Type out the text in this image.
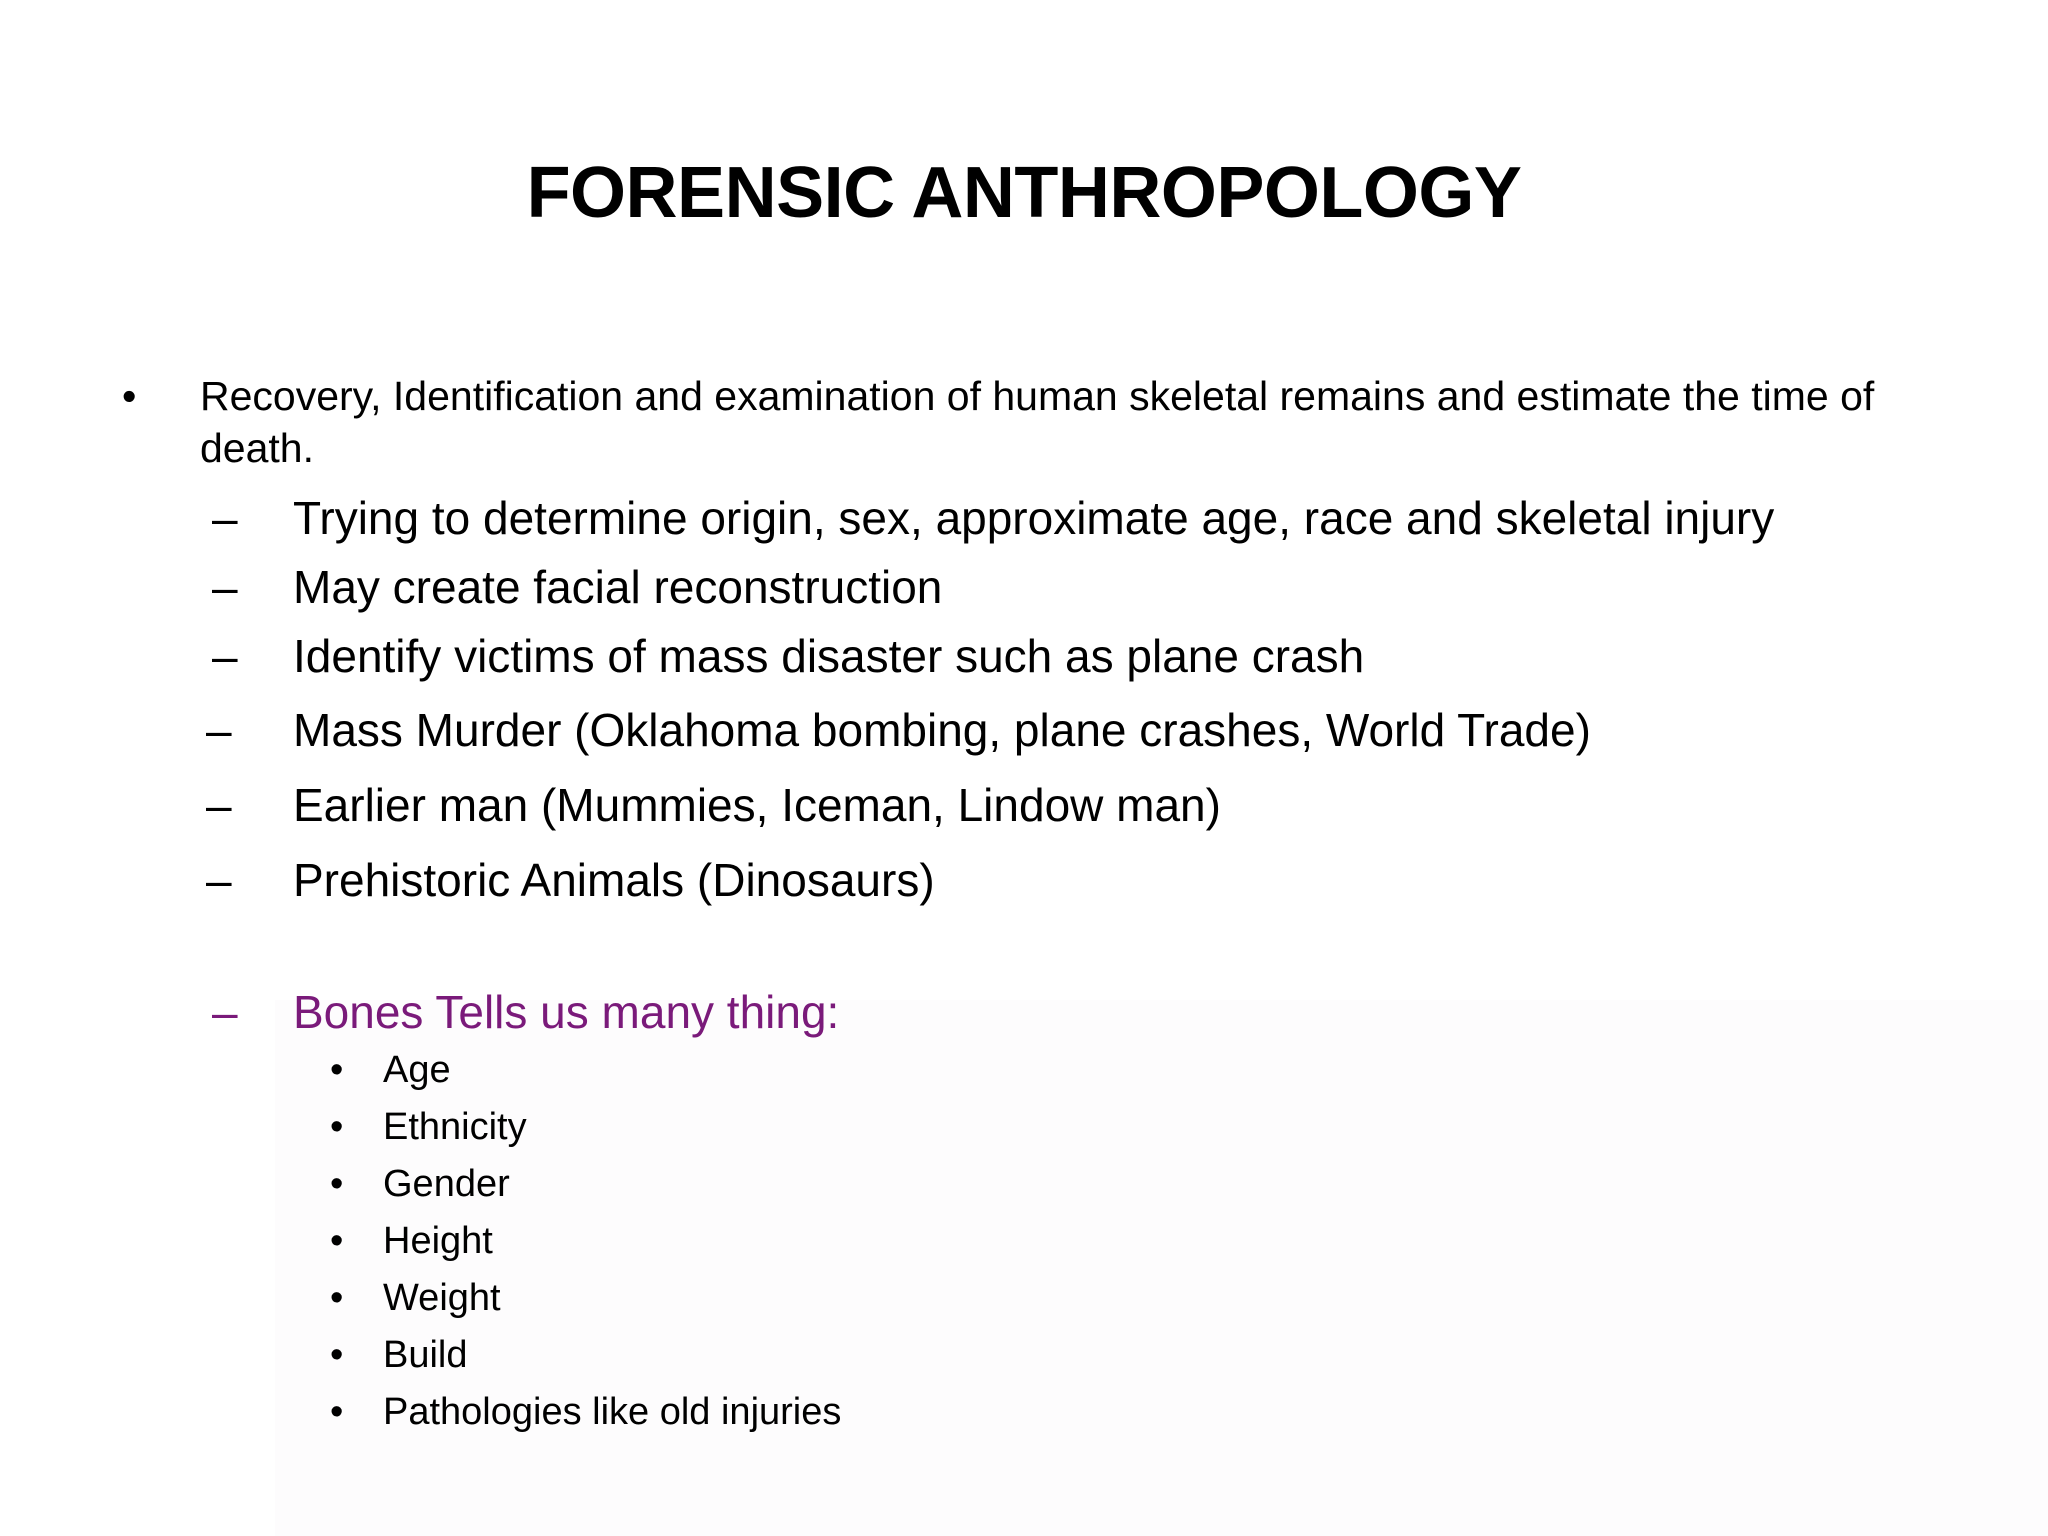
FORENSIC ANTHROPOLOGY
• Recovery, Identification and examination of human skeletal remains and estimate the time of death.
– Trying to determine origin, sex, approximate age, race and skeletal injury
– May create facial reconstruction
– Identify victims of mass disaster such as plane crash
– Mass Murder (Oklahoma bombing, plane crashes, World Trade)
– Earlier man (Mummies, Iceman, Lindow man)
– Prehistoric Animals (Dinosaurs)
– Bones Tells us many thing:
• Age
• Ethnicity
• Gender
• Height
• Weight
• Build
• Pathologies like old injuries
